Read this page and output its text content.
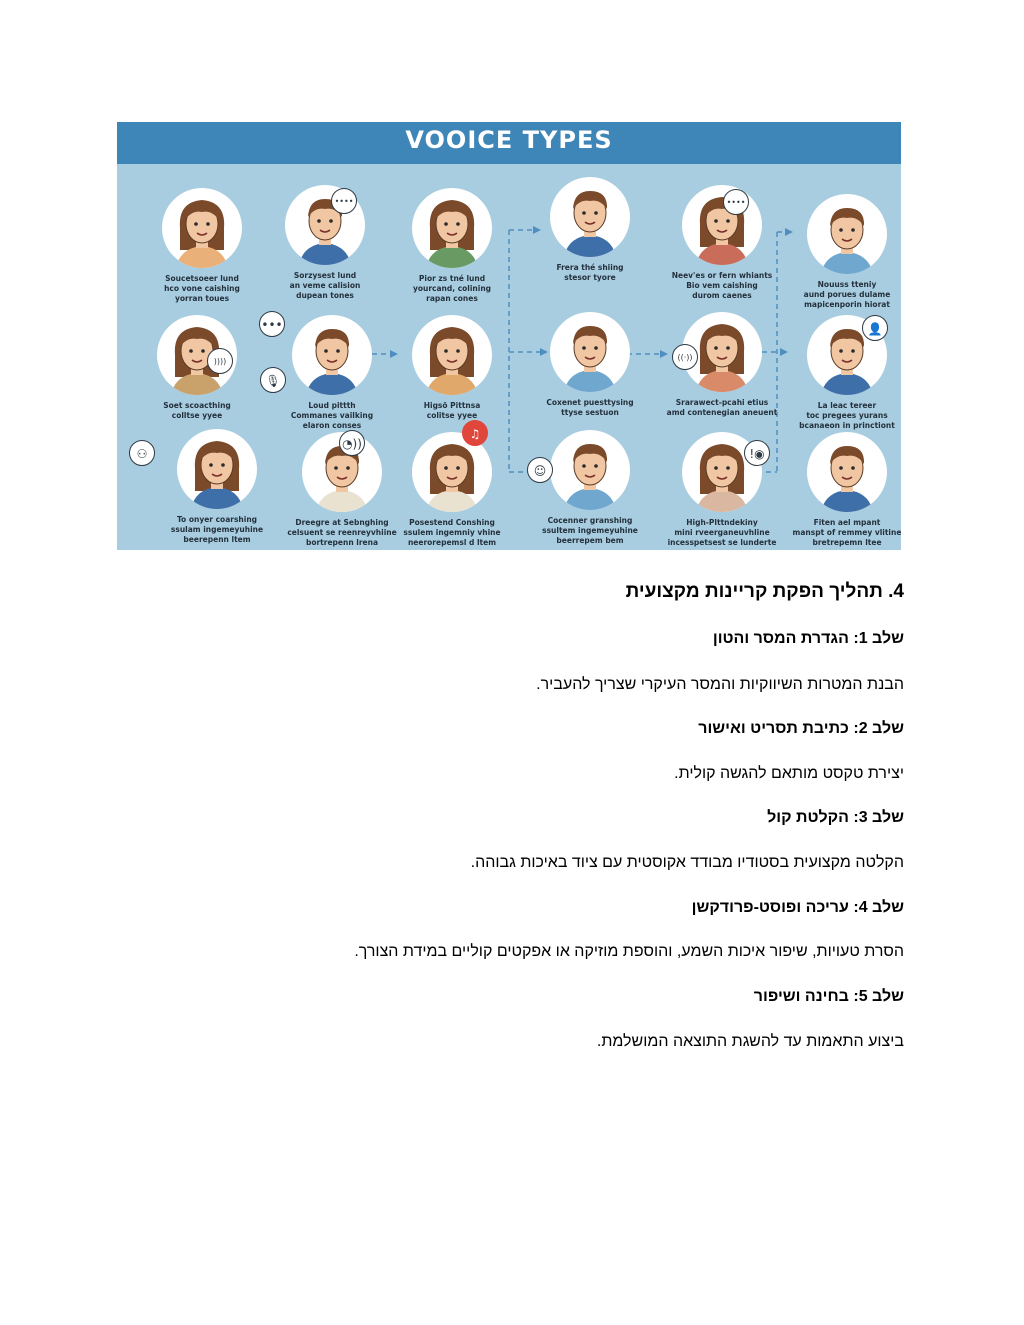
VOOICE TYPES
Soucetsoeer lund
hco vone caishing
yorran toues
Sorzysest lund
an veme calision
dupean tones
Pior zs tné lund
yourcand, colining
rapan cones
Frera thé shiing
stesor tyore	Neev'es or fern whiants
Bio vem caishing
durom caenes
Nouuss tteniy
aund porues dulame
mapicenporin hiorat
Soet scoacthing
colltse yyee
Loud pittth
Commanes vailking
elaron conses
Higsö Pittnsa
colitse yyee
Coxenet puesttysing
ttyse sestuon
Srarawect-pcahi etius
amd contenegian aneuent
La leac tereer
toc pregees yurans
bcanaeon in princtiont
To onyer coarshing
ssulam ingemeyuhine
beerepenn ltem
Dreegre at Sebnghing
celsuent se reenreyvhiine
bortrepenn lrena
Posestend Conshing
ssulem ingemniy vhine
neerorepemsl d ltem
Cocenner granshing
ssultem ingemeyuhine
beerrepem bem
High-Plttndekiny
mini rveerganeuvhline
incesspetsest se lunderte
Fiten ael mpant
manspt of remmey vlitine
bretrepemn ltee
••••	••••
•••
))))	((·))
🎙
♫
☺
👤
◔))
!◉
⚇
4. תהליך הפקת קריינות מקצועית
שלב 1: הגדרת המסר והטון
הבנת המטרות השיווקיות והמסר העיקרי שצריך להעביר.
שלב 2: כתיבת תסריט ואישור
יצירת טקסט מותאם להגשה קולית.
שלב 3: הקלטת קול
הקלטה מקצועית בסטודיו מבודד אקוסטית עם ציוד באיכות גבוהה.
שלב 4: עריכה ופוסט-פרודקשן
הסרת טעויות, שיפור איכות השמע, והוספת מוזיקה או אפקטים קוליים במידת הצורך.
שלב 5: בחינה ושיפור
ביצוע התאמות עד להשגת התוצאה המושלמת.
